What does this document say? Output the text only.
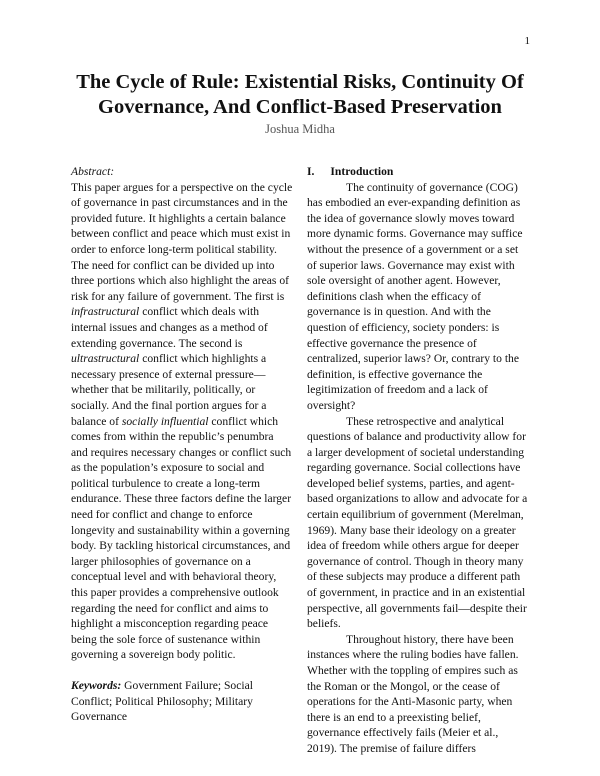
1
The Cycle of Rule: Existential Risks, Continuity Of Governance, And Conflict-Based Preservation
Joshua Midha

Abstract:

This paper argues for a perspective on the cycle of governance in past circumstances and in the provided future. It highlights a certain balance between conflict and peace which must exist in order to enforce long-term political stability. The need for conflict can be divided up into three portions which also highlight the areas of risk for any failure of government. The first is infrastructural conflict which deals with internal issues and changes as a method of extending governance. The second is ultrastructural conflict which highlights a necessary presence of external pressure—whether that be militarily, politically, or socially. And the final portion argues for a balance of socially influential conflict which comes from within the republic’s penumbra and requires necessary changes or conflict such as the population’s exposure to social and political turbulence to create a long-term endurance. These three factors define the larger need for conflict and change to enforce longevity and sustainability within a governing body. By tackling historical circumstances, and larger philosophies of governance on a conceptual level and with behavioral theory, this paper provides a comprehensive outlook regarding the need for conflict and aims to highlight a misconception regarding peace being the sole force of sustenance within governing a sovereign body politic.

Keywords: Government Failure; Social Conflict; Political Philosophy; Military Governance

I. Introduction

The continuity of governance (COG) has embodied an ever-expanding definition as the idea of governance slowly moves toward more dynamic forms. Governance may suffice without the presence of a government or a set of superior laws. Governance may exist with sole oversight of another agent. However, definitions clash when the efficacy of governance is in question. And with the question of efficiency, society ponders: is effective governance the presence of centralized, superior laws? Or, contrary to the definition, is effective governance the legitimization of freedom and a lack of oversight?

These retrospective and analytical questions of balance and productivity allow for a larger development of societal understanding regarding governance. Social collections have developed belief systems, parties, and agent-based organizations to allow and advocate for a certain equilibrium of government (Merelman, 1969). Many base their ideology on a greater idea of freedom while others argue for deeper governance of control. Though in theory many of these subjects may produce a different path of government, in practice and in an existential perspective, all governments fail—despite their beliefs.

Throughout history, there have been instances where the ruling bodies have fallen. Whether with the toppling of empires such as the Roman or the Mongol, or the cease of operations for the Anti-Masonic party, when there is an end to a preexisting belief, governance effectively fails (Meier et al., 2019). The premise of failure differs
